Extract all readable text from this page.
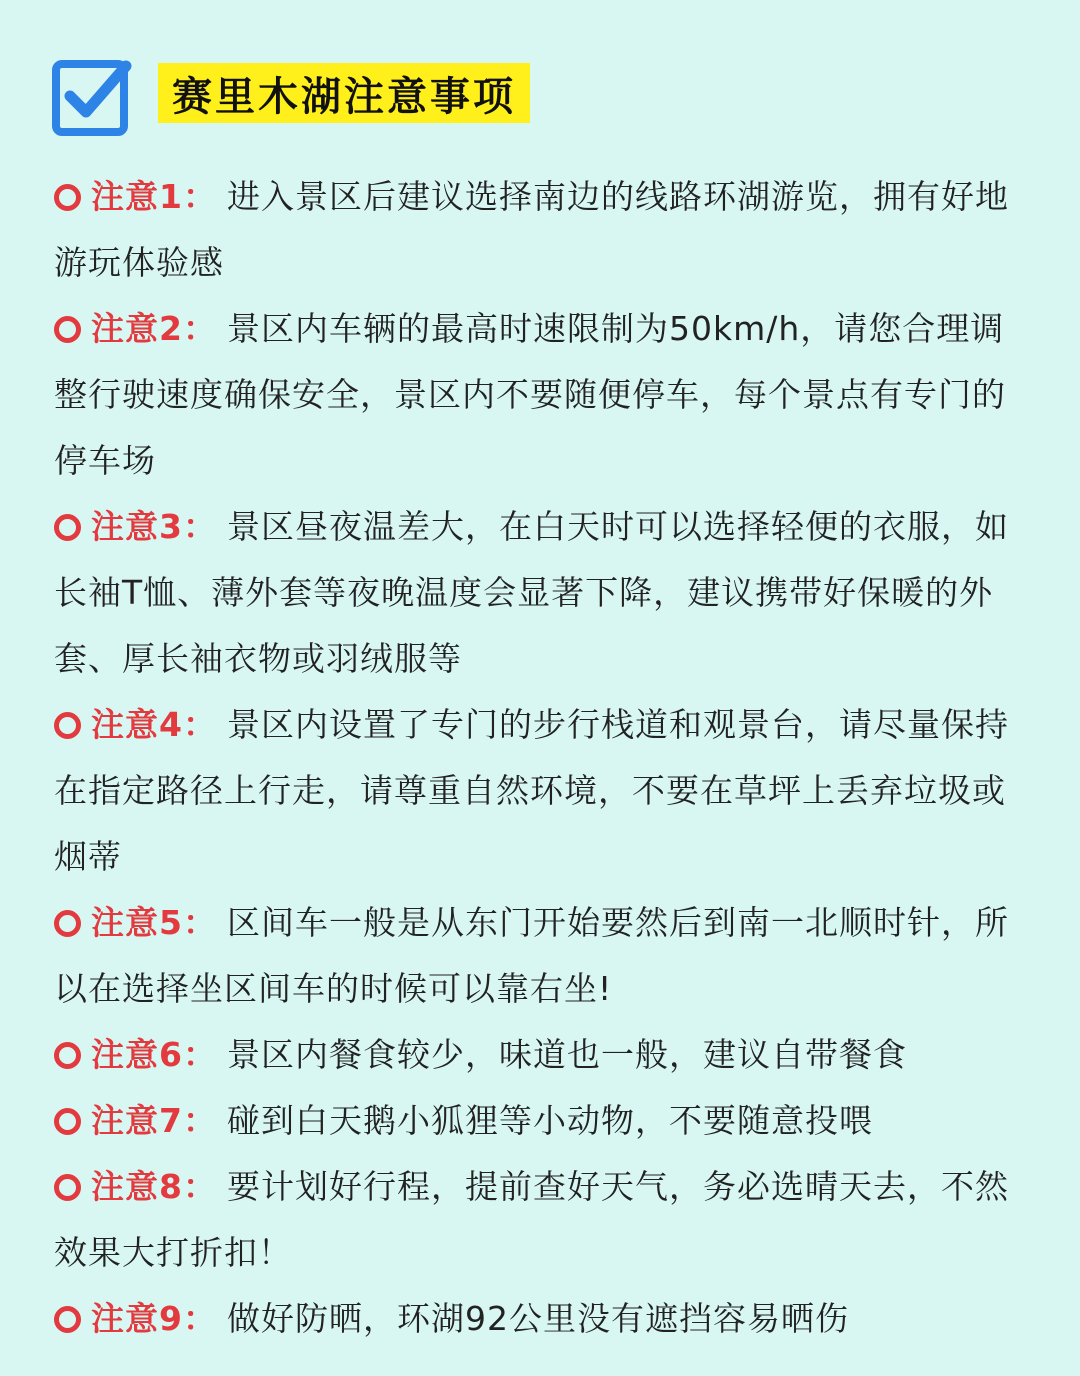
赛里木湖注意事项
注意1： 进入景区后建议选择南边的线路环湖游览，拥有好地游玩体验感
注意2： 景区内车辆的最高时速限制为50km/h，请您合理调整行驶速度确保安全，景区内不要随便停车，每个景点有专门的停车场
注意3： 景区昼夜温差大，在白天时可以选择轻便的衣服，如长袖T恤、薄外套等夜晚温度会显著下降，建议携带好保暖的外套、厚长袖衣物或羽绒服等
注意4： 景区内设置了专门的步行栈道和观景台，请尽量保持在指定路径上行走，请尊重自然环境，不要在草坪上丢弃垃圾或烟蒂
注意5： 区间车一般是从东门开始要然后到南一北顺时针，所以在选择坐区间车的时候可以靠右坐!
注意6： 景区内餐食较少，味道也一般，建议自带餐食
注意7： 碰到白天鹅小狐狸等小动物，不要随意投喂
注意8： 要计划好行程，提前查好天气，务必选晴天去，不然效果大打折扣！
注意9： 做好防晒，环湖92公里没有遮挡容易晒伤
